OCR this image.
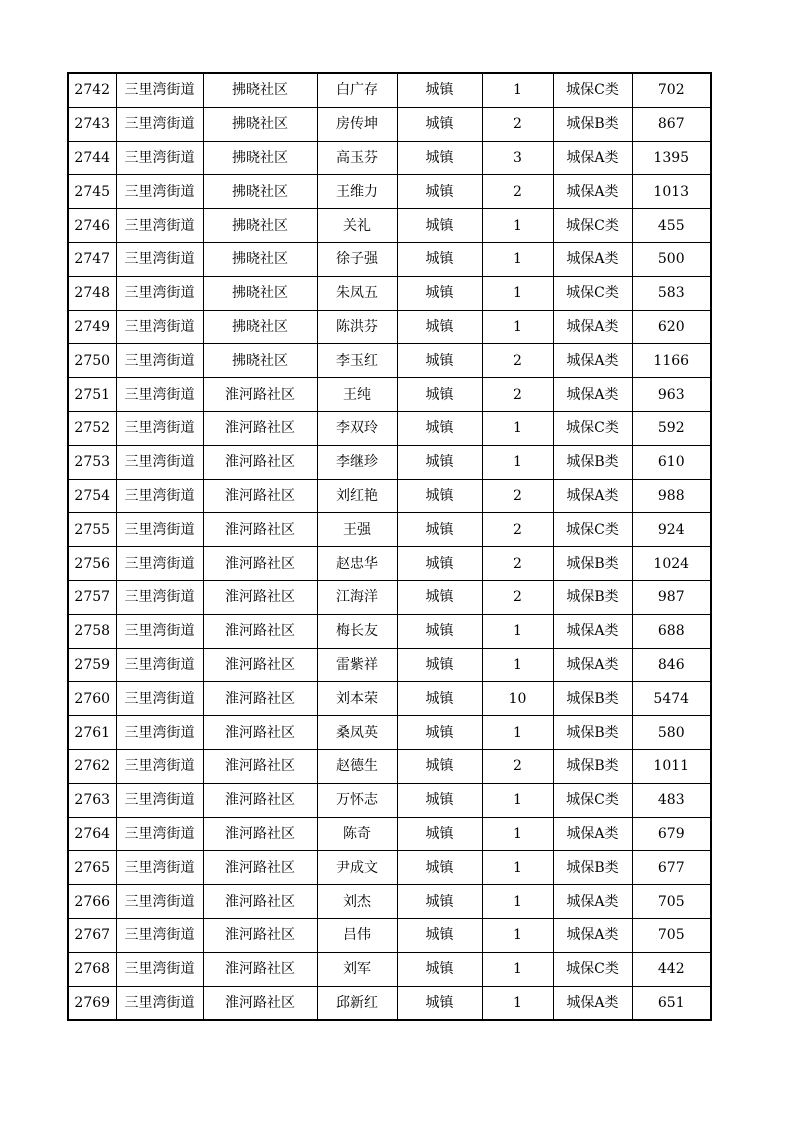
2742	三里湾街道	拂晓社区	白广存	城镇	1	城保C类	702
2743	三里湾街道	拂晓社区	房传坤	城镇	2	城保B类	867
2744	三里湾街道	拂晓社区	高玉芬	城镇	3	城保A类	1395
2745	三里湾街道	拂晓社区	王维力	城镇	2	城保A类	1013
2746	三里湾街道	拂晓社区	关礼	城镇	1	城保C类	455
2747	三里湾街道	拂晓社区	徐子强	城镇	1	城保A类	500
2748	三里湾街道	拂晓社区	朱凤五	城镇	1	城保C类	583
2749	三里湾街道	拂晓社区	陈洪芬	城镇	1	城保A类	620
2750	三里湾街道	拂晓社区	李玉红	城镇	2	城保A类	1166
2751	三里湾街道	淮河路社区	王纯	城镇	2	城保A类	963
2752	三里湾街道	淮河路社区	李双玲	城镇	1	城保C类	592
2753	三里湾街道	淮河路社区	李继珍	城镇	1	城保B类	610
2754	三里湾街道	淮河路社区	刘红艳	城镇	2	城保A类	988
2755	三里湾街道	淮河路社区	王强	城镇	2	城保C类	924
2756	三里湾街道	淮河路社区	赵忠华	城镇	2	城保B类	1024
2757	三里湾街道	淮河路社区	江海洋	城镇	2	城保B类	987
2758	三里湾街道	淮河路社区	梅长友	城镇	1	城保A类	688
2759	三里湾街道	淮河路社区	雷紫祥	城镇	1	城保A类	846
2760	三里湾街道	淮河路社区	刘本荣	城镇	10	城保B类	5474
2761	三里湾街道	淮河路社区	桑凤英	城镇	1	城保B类	580
2762	三里湾街道	淮河路社区	赵德生	城镇	2	城保B类	1011
2763	三里湾街道	淮河路社区	万怀志	城镇	1	城保C类	483
2764	三里湾街道	淮河路社区	陈奇	城镇	1	城保A类	679
2765	三里湾街道	淮河路社区	尹成文	城镇	1	城保B类	677
2766	三里湾街道	淮河路社区	刘杰	城镇	1	城保A类	705
2767	三里湾街道	淮河路社区	吕伟	城镇	1	城保A类	705
2768	三里湾街道	淮河路社区	刘军	城镇	1	城保C类	442
2769	三里湾街道	淮河路社区	邱新红	城镇	1	城保A类	651
